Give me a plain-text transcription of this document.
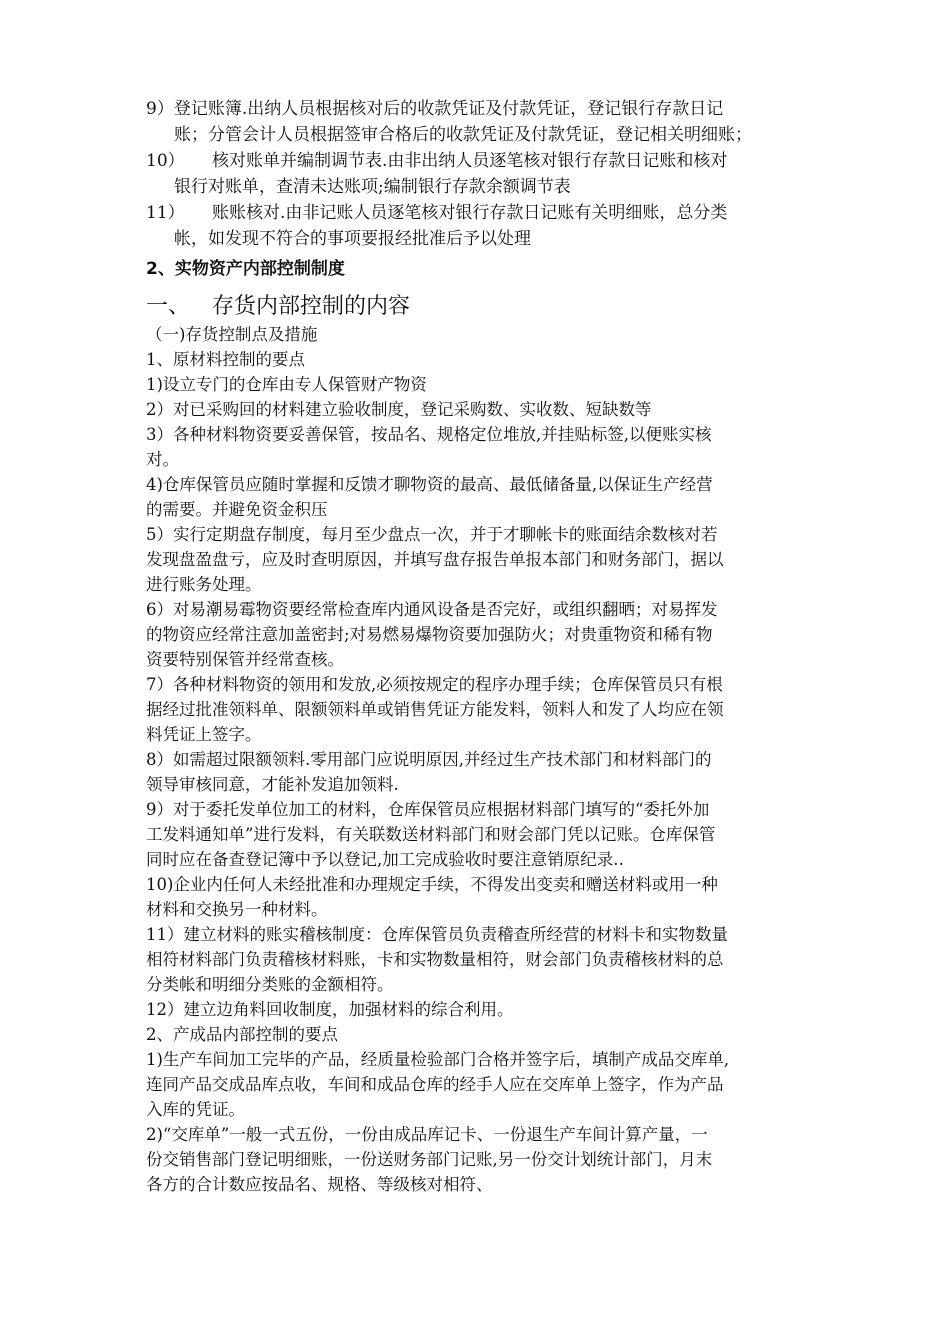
9）登记账簿.出纳人员根据核对后的收款凭证及付款凭证，登记银行存款日记
账；分管会计人员根据签审合格后的收款凭证及付款凭证，登记相关明细账；

10） 核对账单并编制调节表.由非出纳人员逐笔核对银行存款日记账和核对
银行对账单，查清未达账项;编制银行存款余额调节表

11） 账账核对.由非记账人员逐笔核对银行存款日记账有关明细账，总分类
帐，如发现不符合的事项要报经批准后予以处理

2、实物资产内部控制制度

一、 存货内部控制的内容

（一)存货控制点及措施

1、原材料控制的要点

1)设立专门的仓库由专人保管财产物资

2）对已采购回的材料建立验收制度，登记采购数、实收数、短缺数等

3）各种材料物资要妥善保管，按品名、规格定位堆放,并挂贴标签,以便账实核

对。

4)仓库保管员应随时掌握和反馈才聊物资的最高、最低储备量,以保证生产经营

的需要。并避免资金积压

5）实行定期盘存制度，每月至少盘点一次，并于才聊帐卡的账面结余数核对若

发现盘盈盘亏，应及时查明原因，并填写盘存报告单报本部门和财务部门，据以

进行账务处理。

6）对易潮易霉物资要经常检查库内通风设备是否完好，或组织翻晒；对易挥发

的物资应经常注意加盖密封;对易燃易爆物资要加强防火；对贵重物资和稀有物

资要特别保管并经常查核。

7）各种材料物资的领用和发放,必须按规定的程序办理手续；仓库保管员只有根

据经过批准领料单、限额领料单或销售凭证方能发料，领料人和发了人均应在领

料凭证上签字。

8）如需超过限额领料.零用部门应说明原因,并经过生产技术部门和材料部门的

领导审核同意，才能补发追加领料.

9）对于委托发单位加工的材料，仓库保管员应根据材料部门填写的“委托外加

工发料通知单”进行发料，有关联数送材料部门和财会部门凭以记账。仓库保管

同时应在备查登记簿中予以登记,加工完成验收时要注意销原纪录..

10)企业内任何人未经批准和办理规定手续，不得发出变卖和赠送材料或用一种

材料和交换另一种材料。

11）建立材料的账实稽核制度：仓库保管员负责稽查所经营的材料卡和实物数量

相符材料部门负责稽核材料账，卡和实物数量相符，财会部门负责稽核材料的总

分类帐和明细分类账的金额相符。

12）建立边角料回收制度，加强材料的综合利用。

2、产成品内部控制的要点

1)生产车间加工完毕的产品，经质量检验部门合格并签字后，填制产成品交库单,

连同产品交成品库点收，车间和成品仓库的经手人应在交库单上签字，作为产品

入库的凭证。

2)“交库单”一般一式五份，一份由成品库记卡、一份退生产车间计算产量，一

份交销售部门登记明细账，一份送财务部门记账,另一份交计划统计部门，月末

各方的合计数应按品名、规格、等级核对相符、
